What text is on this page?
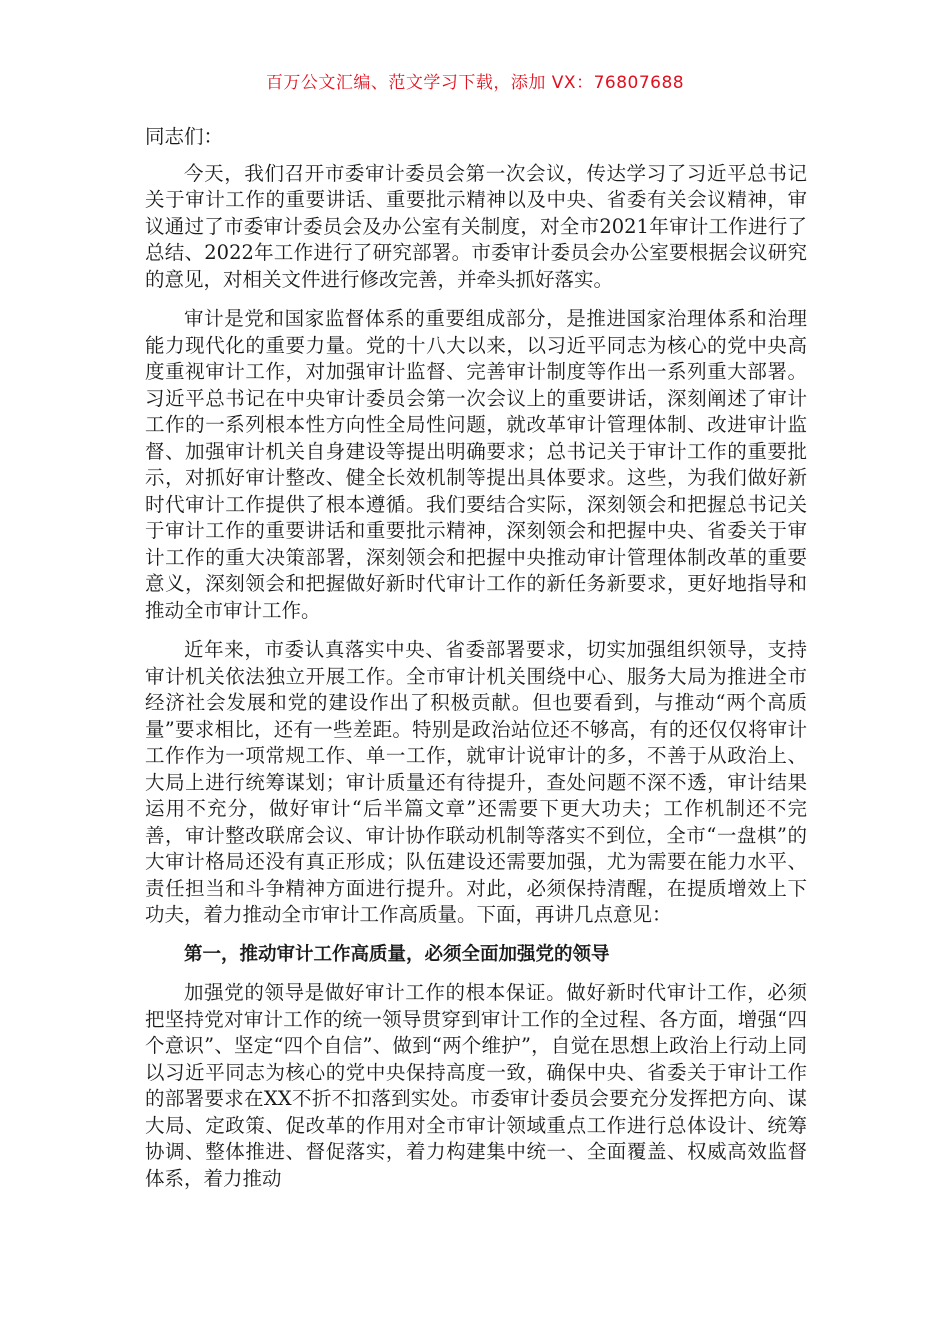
百万公文汇编、范文学习下载，添加 VX：76807688

同志们：

今天，我们召开市委审计委员会第一次会议，传达学习了习近平总书记关于审计工作的重要讲话、重要批示精神以及中央、省委有关会议精神，审议通过了市委审计委员会及办公室有关制度，对全市2021年审计工作进行了总结、2022年工作进行了研究部署。市委审计委员会办公室要根据会议研究的意见，对相关文件进行修改完善，并牵头抓好落实。

审计是党和国家监督体系的重要组成部分，是推进国家治理体系和治理能力现代化的重要力量。党的十八大以来，以习近平同志为核心的党中央高度重视审计工作，对加强审计监督、完善审计制度等作出一系列重大部署。习近平总书记在中央审计委员会第一次会议上的重要讲话，深刻阐述了审计工作的一系列根本性方向性全局性问题，就改革审计管理体制、改进审计监督、加强审计机关自身建设等提出明确要求；总书记关于审计工作的重要批示，对抓好审计整改、健全长效机制等提出具体要求。这些，为我们做好新时代审计工作提供了根本遵循。我们要结合实际，深刻领会和把握总书记关于审计工作的重要讲话和重要批示精神，深刻领会和把握中央、省委关于审计工作的重大决策部署，深刻领会和把握中央推动审计管理体制改革的重要意义，深刻领会和把握做好新时代审计工作的新任务新要求，更好地指导和推动全市审计工作。

近年来，市委认真落实中央、省委部署要求，切实加强组织领导，支持审计机关依法独立开展工作。全市审计机关围绕中心、服务大局为推进全市经济社会发展和党的建设作出了积极贡献。但也要看到，与推动“两个高质量”要求相比，还有一些差距。特别是政治站位还不够高，有的还仅仅将审计工作作为一项常规工作、单一工作，就审计说审计的多，不善于从政治上、大局上进行统筹谋划；审计质量还有待提升，查处问题不深不透，审计结果运用不充分，做好审计“后半篇文章”还需要下更大功夫；工作机制还不完善，审计整改联席会议、审计协作联动机制等落实不到位，全市“一盘棋”的大审计格局还没有真正形成；队伍建设还需要加强，尤为需要在能力水平、责任担当和斗争精神方面进行提升。对此，必须保持清醒，在提质增效上下功夫，着力推动全市审计工作高质量。下面，再讲几点意见：

第一，推动审计工作高质量，必须全面加强党的领导

加强党的领导是做好审计工作的根本保证。做好新时代审计工作，必须把坚持党对审计工作的统一领导贯穿到审计工作的全过程、各方面，增强“四个意识”、坚定“四个自信”、做到“两个维护”，自觉在思想上政治上行动上同以习近平同志为核心的党中央保持高度一致，确保中央、省委关于审计工作的部署要求在XX不折不扣落到实处。市委审计委员会要充分发挥把方向、谋大局、定政策、促改革的作用对全市审计领域重点工作进行总体设计、统筹协调、整体推进、督促落实，着力构建集中统一、全面覆盖、权威高效监督体系，着力推动
